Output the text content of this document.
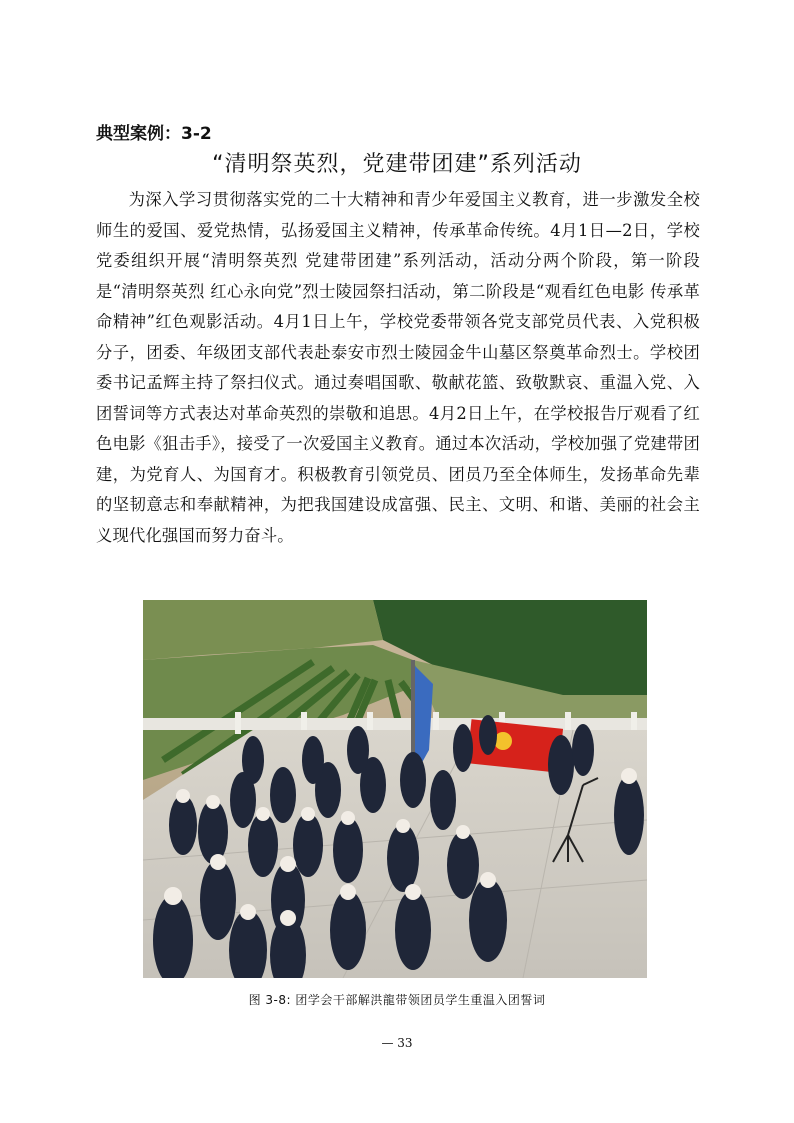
典型案例：3-2
“清明祭英烈，党建带团建”系列活动

为深入学习贯彻落实党的二十大精神和青少年爱国主义教育，进一步激发全校师生的爱国、爱党热情，弘扬爱国主义精神，传承革命传统。4月1日—2日，学校党委组织开展“清明祭英烈 党建带团建”系列活动，活动分两个阶段，第一阶段是“清明祭英烈 红心永向党”烈士陵园祭扫活动，第二阶段是“观看红色电影 传承革命精神”红色观影活动。4月1日上午，学校党委带领各党支部党员代表、入党积极分子，团委、年级团支部代表赴泰安市烈士陵园金牛山墓区祭奠革命烈士。学校团委书记孟辉主持了祭扫仪式。通过奏唱国歌、敬献花篮、致敬默哀、重温入党、入团誓词等方式表达对革命英烈的崇敬和追思。4月2日上午，在学校报告厅观看了红色电影《狙击手》，接受了一次爱国主义教育。通过本次活动，学校加强了党建带团建，为党育人、为国育才。积极教育引领党员、团员乃至全体师生，发扬革命先辈的坚韧意志和奉献精神，为把我国建设成富强、民主、文明、和谐、美丽的社会主义现代化强国而努力奋斗。

图 3-8: 团学会干部解洪龍带领团员学生重温入团誓词
— 33
